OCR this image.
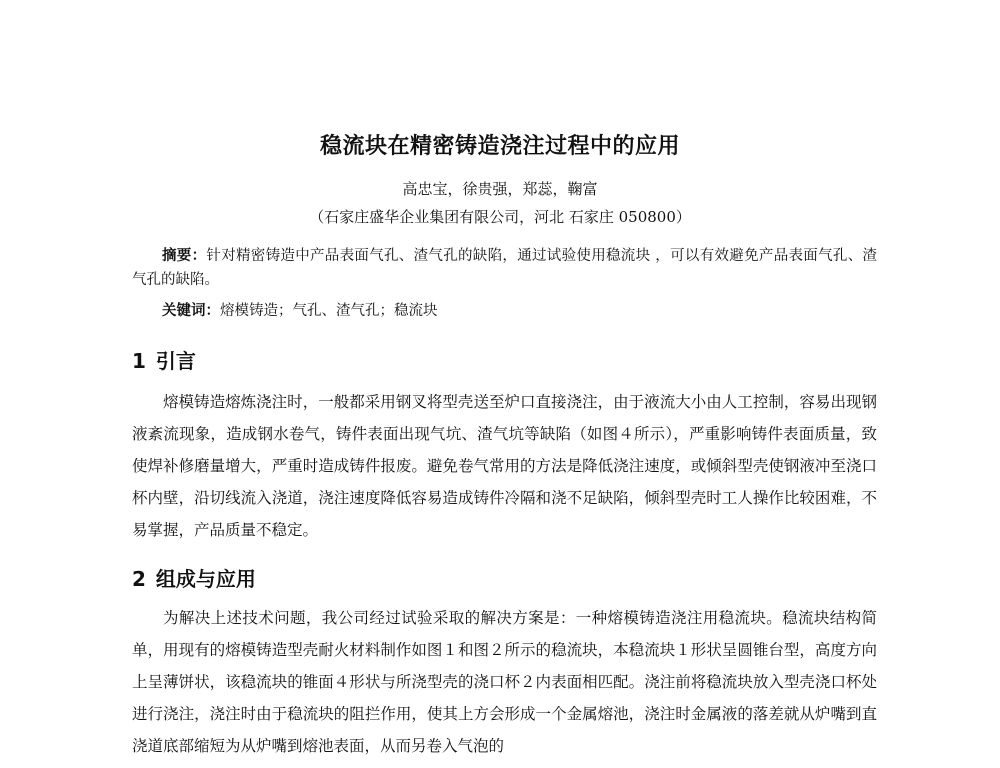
稳流块在精密铸造浇注过程中的应用
高忠宝，徐贵强，郑蕊，鞠富
（石家庄盛华企业集团有限公司，河北 石家庄 050800）

摘要：针对精密铸造中产品表面气孔、渣气孔的缺陷，通过试验使用稳流块 ，可以有效避免产品表面气孔、渣气孔的缺陷。

关键词：熔模铸造；气孔、渣气孔；稳流块

1 引言

熔模铸造熔炼浇注时，一般都采用钢叉将型壳送至炉口直接浇注，由于液流大小由人工控制，容易出现钢液紊流现象，造成钢水卷气，铸件表面出现气坑、渣气坑等缺陷（如图４所示），严重影响铸件表面质量，致使焊补修磨量增大，严重时造成铸件报废。避免卷气常用的方法是降低浇注速度，或倾斜型壳使钢液冲至浇口杯内壁，沿切线流入浇道，浇注速度降低容易造成铸件冷隔和浇不足缺陷，倾斜型壳时工人操作比较困难，不易掌握，产品质量不稳定。

2 组成与应用

为解决上述技术问题，我公司经过试验采取的解决方案是：一种熔模铸造浇注用稳流块。稳流块结构简单，用现有的熔模铸造型壳耐火材料制作如图１和图２所示的稳流块，本稳流块１形状呈圆锥台型，高度方向上呈薄饼状，该稳流块的锥面４形状与所浇型壳的浇口杯２内表面相匹配。浇注前将稳流块放入型壳浇口杯处进行浇注，浇注时由于稳流块的阻拦作用，使其上方会形成一个金属熔池，浇注时金属液的落差就从炉嘴到直浇道底部缩短为从炉嘴到熔池表面，从而另卷入气泡的
